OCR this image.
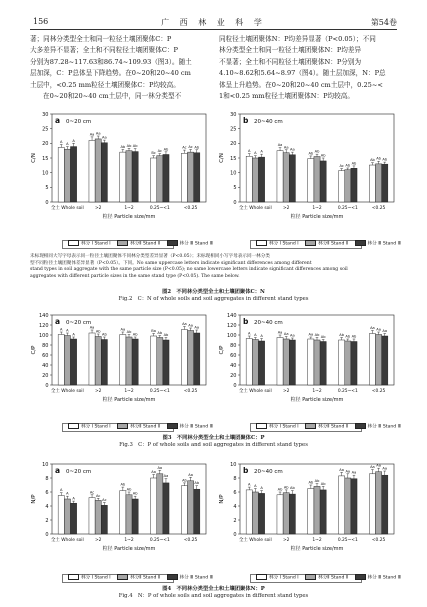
156	广 西 林 业 科 学	第54卷

著；同林分类型全土和同一粒径土壤团聚体C：P

大多差异不显著；全土和不同粒径土壤团聚体C：P

分别为87.28~117.63和86.74~109.93（图3）。随土

层加深，C：P总体呈下降趋势。在0~20和20~40 cm

土层中，<0.25 mm粒径土壤团聚体C：P均较高。

在0~20和20~40 cm土层中，同一林分类型不

同粒径土壤团聚体N：P均差异显著（P<0.05）；不同

林分类型全土和同一粒径土壤团聚体N：P均差异

不显著；全土和不同粒径土壤团聚体N：P分别为

4.10~8.62和5.64~8.97（图4）。随土层加深，N：P总

体呈上升趋势。在0~20和20~40 cm土层中，0.25~<

1和<0.25 mm粒径土壤团聚体N：P均较高。

a 0~20 cm
0
5
10
15
20
25
30
C/N
A
A
A
全土 Whole soil
Aa Aa
Aa
>2
Ab Ab Ab
1~2
Bc
Ac Ab
0.25~<1
Ac Ac Ab
<0.25
粒径 Particle size/mm
b 20~40 cm
0
5
10
15
20
25
30
C/N
A
A A
全土 Whole soil
Aa
Aa
Aa
>2
Ab Ab
Ab
1~2
Ac Ab
Ab
0.25~<1
Ab Ab Ab
<0.25
粒径 Particle size/mm
林分 Ⅰ Stand Ⅰ	林分Ⅱ Stand Ⅱ	林分 Ⅲ Stand Ⅲ	林分 Ⅰ Stand Ⅰ	林分Ⅱ Stand Ⅱ	林分 Ⅲ Stand Ⅲ
未标现相同大写字母表示同一粒径土壤团聚体不同林分类型差异显著（P<0.05）；未标现相同小写字母表示同一林分类
型不同粒径土壤团聚体差异显著（P<0.05）。下同。No same uppercase letters indicate significant differences among different
stand types in soil aggregate with the same particle size (P<0.05); no same lowercase letters indicate significant differences among soil
aggregates with different particle sizes in the same stand type (P<0.05). The same below.
图2　不同林分类型全土和土壤团聚体C：N
Fig.2　C：N of whole soils and soil aggregates in different stand types
a 0~20 cm
0
20
40
60
80
100
120
140
C/P
A A
A
全土 Whole soil
Aa
Ab
Ab
>2
Aa
Ab
Ab
1~2
Ba Ab Ab
0.25~<1
Aa Aa Aa
<0.25
粒径 Particle size/mm
b 20~40 cm
0
20
40
60
80
100
120
140
C/P
A A A
全土 Whole soil
Aa Aa Aa
>2
Aa Ab Ab
1~2
Ab Ab Ab
0.25~<1
Aa Aa Aa
<0.25
粒径 Particle size/mm
林分 Ⅰ Stand Ⅰ	林分Ⅱ Stand Ⅱ	林分 Ⅲ Stand Ⅲ	林分 Ⅰ Stand Ⅰ	林分Ⅱ Stand Ⅱ	林分 Ⅲ Stand Ⅲ
图3　不同林分类型全土和土壤团聚体C：P
Fig.3　C：P of whole soils and soil aggregates in different stand types
a 0~20 cm
0
2
4
6
8
10
N/P
A
A
A
全土 Whole soil
Ac
Ac
Ac
>2
Ab
Ab
Ab
1~2
Aa
Aa
Aa
0.25~<1
Ab
Aa
Ab
<0.25
粒径 Particle size/mm
b 20~40 cm
0
2
4
6
8
10
N/P
A A
A
全土 Whole soil
Ab
Ab Ab
>2
Ab Ab
Ab
1~2
Aa Aa Aa
0.25~<1
Aa Aa
Aa
<0.25
粒径 Particle size/mm
林分 Ⅰ Stand Ⅰ	林分Ⅱ Stand Ⅱ	林分 Ⅲ Stand Ⅲ	林分 Ⅰ Stand Ⅰ	林分Ⅱ Stand Ⅱ	林分 Ⅲ Stand Ⅲ
图4　不同林分类型全土和土壤团聚体N：P
Fig.4　N：P of whole soils and soil aggregates in different stand types
